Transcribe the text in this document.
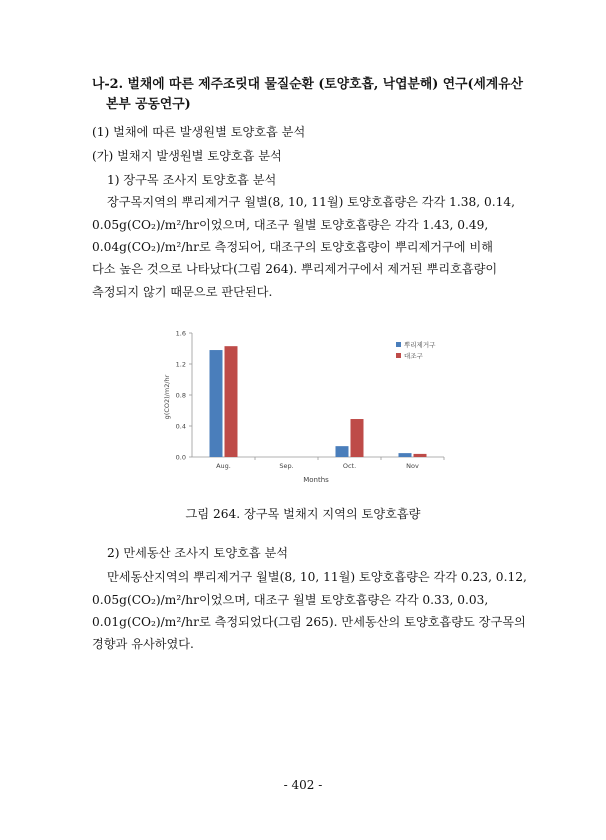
나-2. 벌채에 따른 제주조릿대 물질순환 (토양호흡, 낙엽분해) 연구(세계유산
본부 공동연구)
(1) 벌채에 따른 발생원별 토양호흡 분석
(가) 벌채지 발생원별 토양호흡 분석
1) 장구목 조사지 토양호흡 분석
장구목지역의 뿌리제거구 월별(8, 10, 11월) 토양호흡량은 각각 1.38, 0.14,
0.05g(CO₂)/m²/hr이었으며, 대조구 월별 토양호흡량은 각각 1.43, 0.49,
0.04g(CO₂)/m²/hr로 측정되어, 대조구의 토양호흡량이 뿌리제거구에 비해
다소 높은 것으로 나타났다(그림 264). 뿌리제거구에서 제거된 뿌리호흡량이
측정되지 않기 때문으로 판단된다.
0.0
0.4
0.8
1.2
1.6
Aug.	Sep.	Oct.	Nov
뿌리제거구
대조구
Months
g(CO2)/m2/hr
그림 264. 장구목 벌채지 지역의 토양호흡량
2) 만세동산 조사지 토양호흡 분석
만세동산지역의 뿌리제거구 월별(8, 10, 11월) 토양호흡량은 각각 0.23, 0.12,
0.05g(CO₂)/m²/hr이었으며, 대조구 월별 토양호흡량은 각각 0.33, 0.03,
0.01g(CO₂)/m²/hr로 측정되었다(그림 265). 만세동산의 토양호흡량도 장구목의
경향과 유사하였다.
- 402 -
